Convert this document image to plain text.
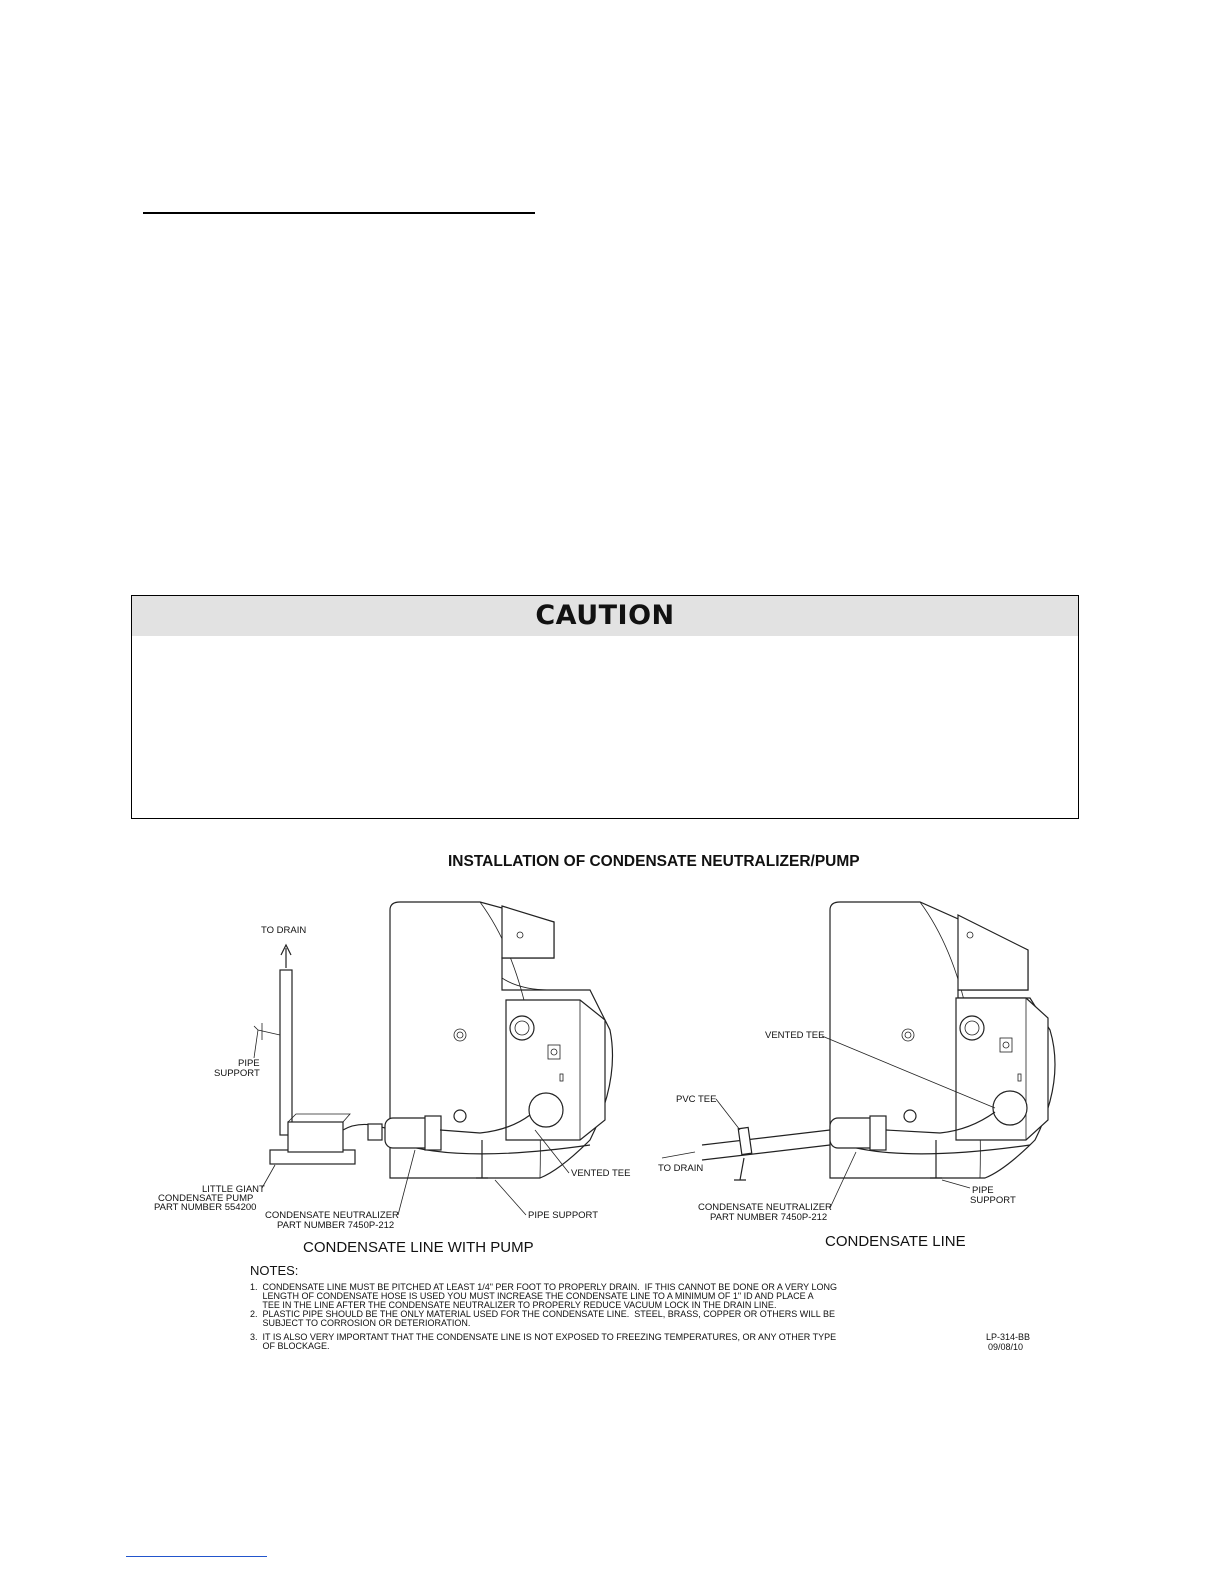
CAUTION
INSTALLATION OF CONDENSATE NEUTRALIZER/PUMP
TO DRAIN
PIPE
SUPPORT
LITTLE GIANT
CONDENSATE PUMP
PART NUMBER 554200
CONDENSATE NEUTRALIZER
PART NUMBER 7450P-212
VENTED TEE
PIPE SUPPORT
CONDENSATE LINE WITH PUMP
VENTED TEE
PVC TEE
TO DRAIN
CONDENSATE NEUTRALIZER
PART NUMBER 7450P-212
PIPE
SUPPORT
CONDENSATE LINE
NOTES:
1.  CONDENSATE LINE MUST BE PITCHED AT LEAST 1/4" PER FOOT TO PROPERLY DRAIN.  IF THIS CANNOT BE DONE OR A VERY LONG
LENGTH OF CONDENSATE HOSE IS USED YOU MUST INCREASE THE CONDENSATE LINE TO A MINIMUM OF 1" ID AND PLACE A
TEE IN THE LINE AFTER THE CONDENSATE NEUTRALIZER TO PROPERLY REDUCE VACUUM LOCK IN THE DRAIN LINE.
2.  PLASTIC PIPE SHOULD BE THE ONLY MATERIAL USED FOR THE CONDENSATE LINE.  STEEL, BRASS, COPPER OR OTHERS WILL BE
SUBJECT TO CORROSION OR DETERIORATION.
3.  IT IS ALSO VERY IMPORTANT THAT THE CONDENSATE LINE IS NOT EXPOSED TO FREEZING TEMPERATURES, OR ANY OTHER TYPE
OF BLOCKAGE.
LP-314-BB
09/08/10
